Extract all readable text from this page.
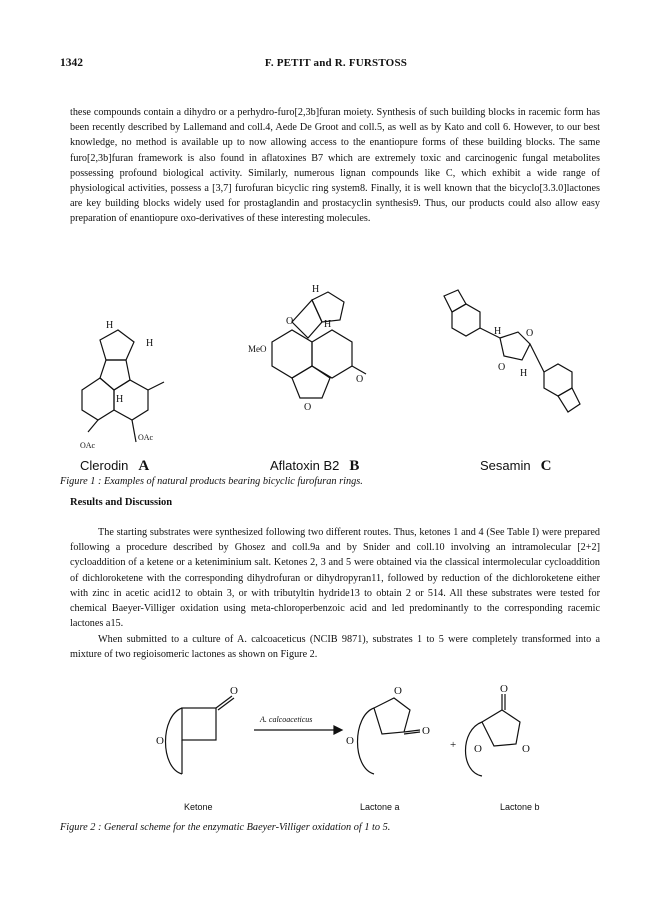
1342	F. PETIT and R. FURSTOSS

these compounds contain a dihydro or a perhydro-furo[2,3b]furan moiety. Synthesis of such building blocks in racemic form has been recently described by Lallemand and coll.4, Aede De Groot and coll.5, as well as by Kato and coll 6. However, to our best knowledge, no method is available up to now allowing access to the enantiopure forms of these building blocks. The same furo[2,3b]furan framework is also found in aflatoxines B7 which are extremely toxic and carcinogenic fungal metabolites possessing profound biological activity. Similarly, numerous lignan compounds like C, which exhibit a wide range of physiological activities, possess a [3,7] furofuran bicyclic ring system8. Finally, it is well known that the bicyclo[3.3.0]lactones are key building blocks widely used for prostaglandin and prostacyclin synthesis9. Thus, our products could also allow easy preparation of enantiopure oxo-derivatives of these interesting molecules.

H
H
H
OAc
OAc
H
O	H
MeO
O
O
H
O
H
O
Clerodin A	Aflatoxin B2 B	Sesamin C
Figure 1 : Examples of natural products bearing bicyclic furofuran rings.
Results and Discussion

The starting substrates were synthesized following two different routes. Thus, ketones 1 and 4 (See Table I) were prepared following a procedure described by Ghosez and coll.9a and by Snider and coll.10 involving an intramolecular [2+2] cycloaddition of a ketene or a keteniminium salt. Ketones 2, 3 and 5 were obtained via the classical intermolecular cycloaddition of dichloroketene with the corresponding dihydrofuran or dihydropyran11, followed by reduction of the dichloroketene either with zinc in acetic acid12 to obtain 3, or with tributyltin hydride13 to obtain 2 or 514. All these substrates were tested for chemical Baeyer-Villiger oxidation using meta-chloroperbenzoic acid and led predominantly to the corresponding racemic lactones a15.

When submitted to a culture of A. calcoaceticus (NCIB 9871), substrates 1 to 5 were completely transformed into a mixture of two regioisomeric lactones as shown on Figure 2.

O
O
A. calcoaceticus
O
O
O
+ O
O
O
Ketone	Lactone a	Lactone b
Figure 2 : General scheme for the enzymatic Baeyer-Villiger oxidation of 1 to 5.
